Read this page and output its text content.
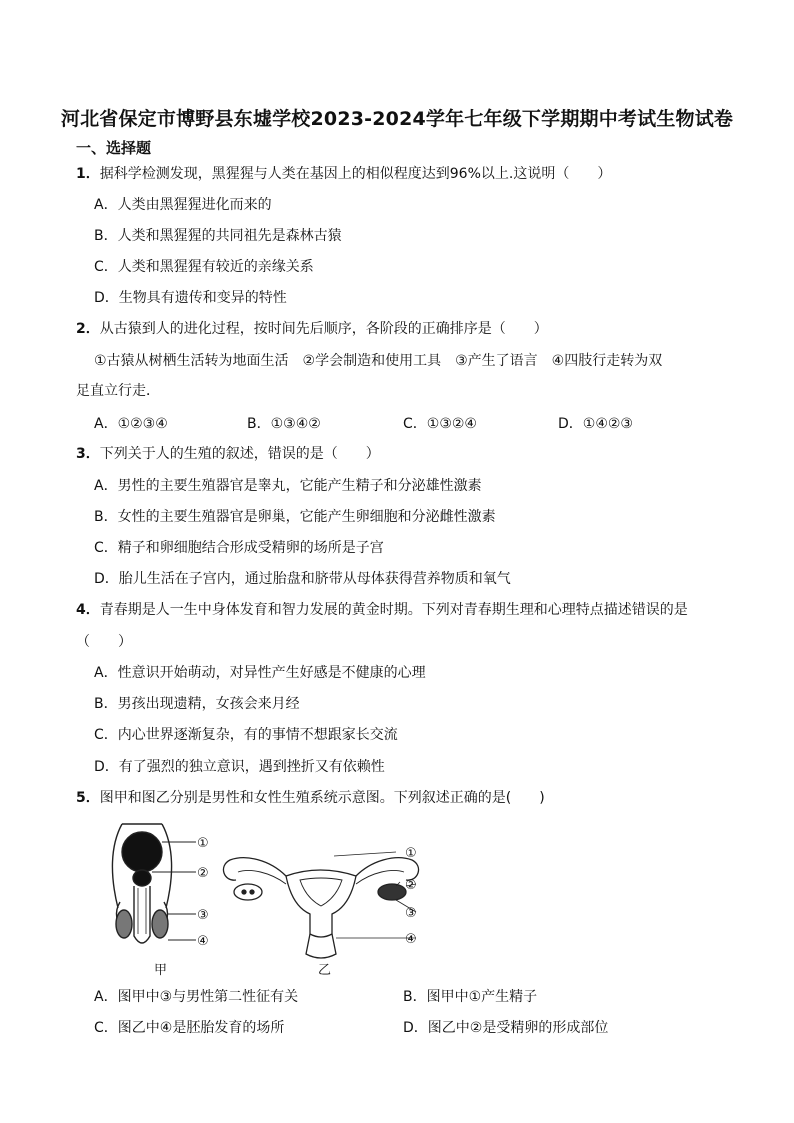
河北省保定市博野县东墟学校2023-2024学年七年级下学期期中考试生物试卷
一、选择题
1．据科学检测发现，黑猩猩与人类在基因上的相似程度达到96%以上.这说明（　　）
A．人类由黑猩猩进化而来的
B．人类和黑猩猩的共同祖先是森林古猿
C．人类和黑猩猩有较近的亲缘关系
D．生物具有遗传和变异的特性
2．从古猿到人的进化过程，按时间先后顺序，各阶段的正确排序是（　　）
①古猿从树栖生活转为地面生活　②学会制造和使用工具　③产生了语言　④四肢行走转为双
足直立行走．
A．①②③④	B．①③④②	C．①③②④	D．①④②③
3．下列关于人的生殖的叙述，错误的是（　　）
A．男性的主要生殖器官是睾丸，它能产生精子和分泌雄性激素
B．女性的主要生殖器官是卵巢，它能产生卵细胞和分泌雌性激素
C．精子和卵细胞结合形成受精卵的场所是子宫
D．胎儿生活在子宫内，通过胎盘和脐带从母体获得营养物质和氧气
4．青春期是人一生中身体发育和智力发展的黄金时期。下列对青春期生理和心理特点描述错误的是
（　　）
A．性意识开始萌动，对异性产生好感是不健康的心理
B．男孩出现遗精，女孩会来月经
C．内心世界逐渐复杂，有的事情不想跟家长交流
D．有了强烈的独立意识，遇到挫折又有依赖性
5．图甲和图乙分别是男性和女性生殖系统示意图。下列叙述正确的是(　　)
①
②
③
④
甲
①
②
③
④
乙
A．图甲中③与男性第二性征有关	B．图甲中①产生精子
C．图乙中④是胚胎发育的场所	D．图乙中②是受精卵的形成部位
